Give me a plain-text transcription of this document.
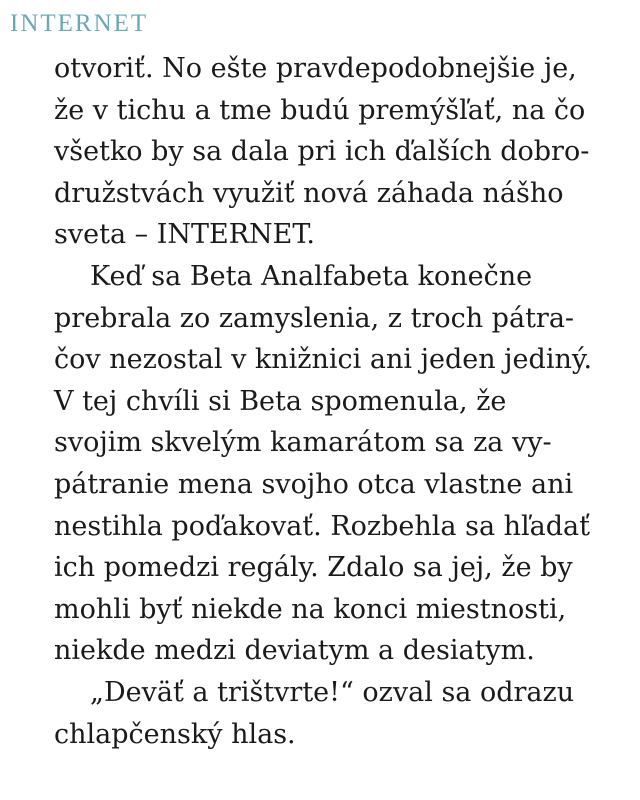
INTERNET
otvoriť. No ešte pravdepodobnejšie je,
že v tichu a tme budú premýšľať, na čo
všetko by sa dala pri ich ďalších dobro-
družstvách využiť nová záhada nášho
sveta – INTERNET.
Keď sa Beta Analfabeta konečne
prebrala zo zamyslenia, z troch pátra-
čov nezostal v knižnici ani jeden jediný.
V tej chvíli si Beta spomenula, že
svojim skvelým kamarátom sa za vy-
pátranie mena svojho otca vlastne ani
nestihla poďakovať. Rozbehla sa hľadať
ich pomedzi regály. Zdalo sa jej, že by
mohli byť niekde na konci miestnosti,
niekde medzi deviatym a desiatym.
„Deväť a trištvrte!“ ozval sa odrazu
chlapčenský hlas.
